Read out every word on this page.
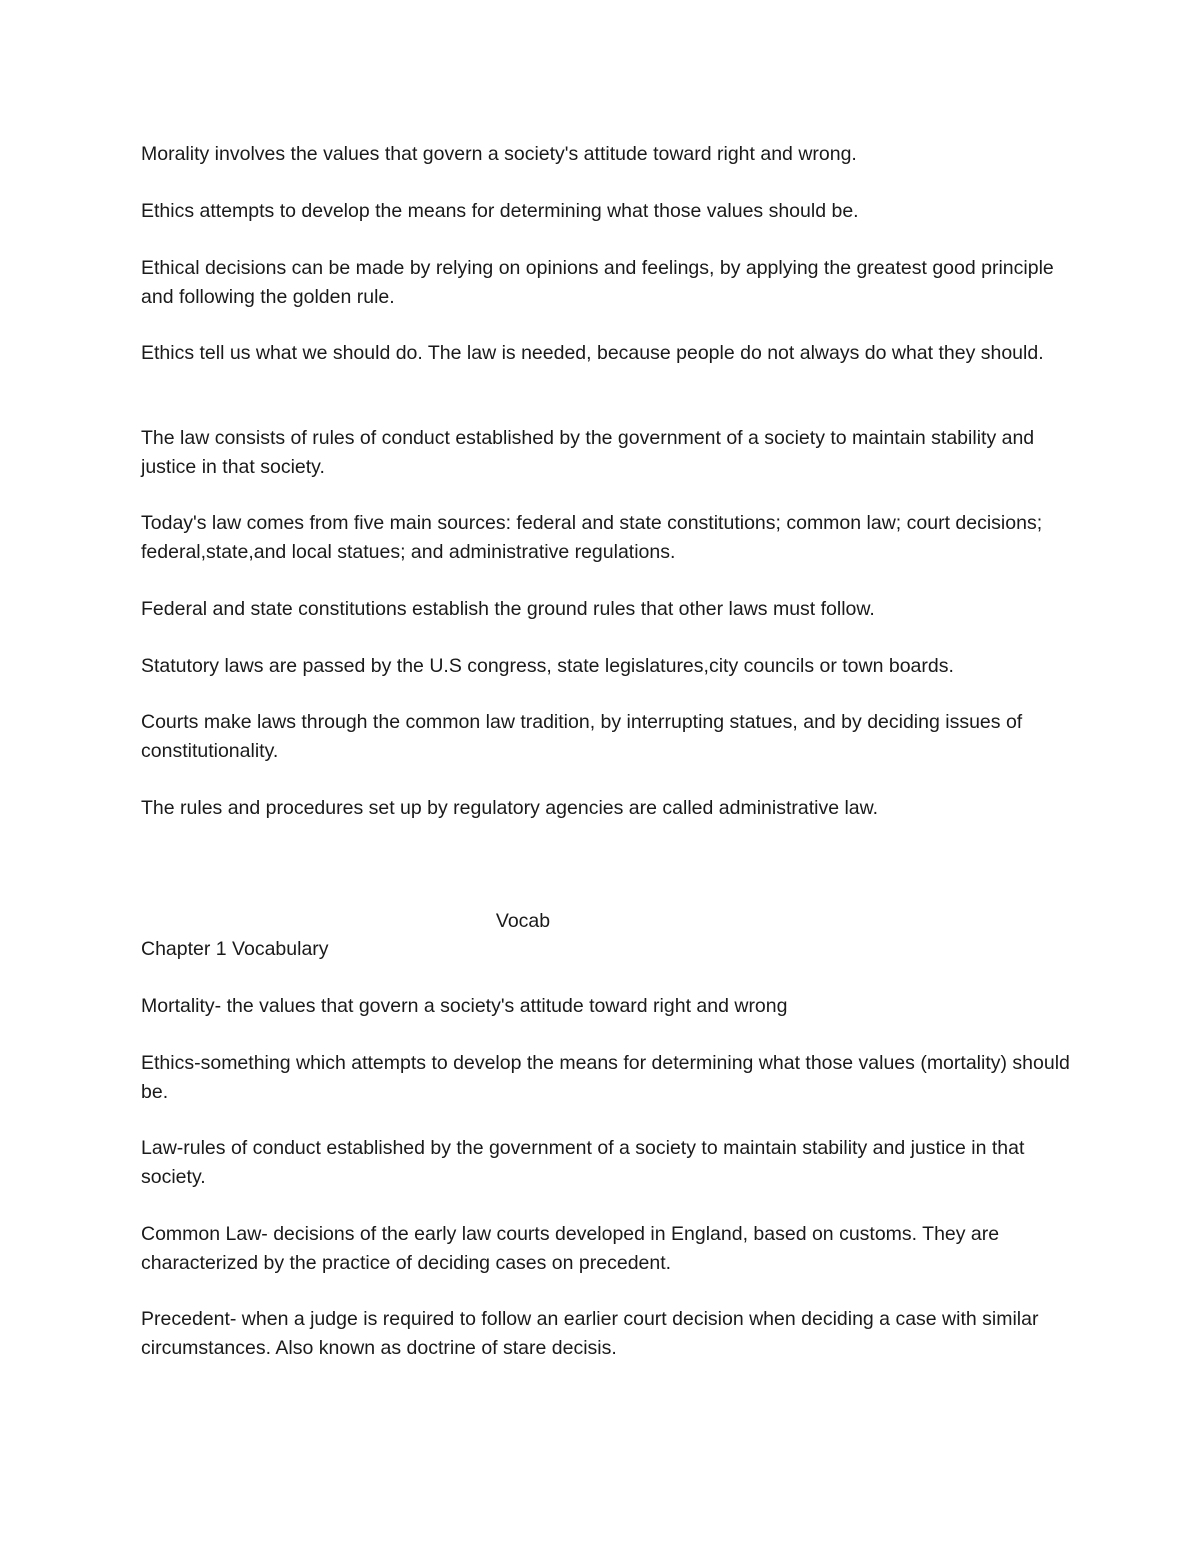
Morality involves the values that govern a society's attitude toward right and wrong.

Ethics attempts to develop the means for determining what those values should be.

Ethical decisions can be made by relying on opinions and feelings, by applying the greatest good principle and following the golden rule.

Ethics tell us what we should do. The law is needed, because people do not always do what they should.

The law consists of rules of conduct established by the government of a society to maintain stability and justice in that society.

Today's law comes from five main sources: federal and state constitutions; common law; court decisions; federal,state,and local statues; and administrative regulations.

Federal and state constitutions establish the ground rules that other laws must follow.

Statutory laws are passed by the U.S congress, state legislatures,city councils or town boards.

Courts make laws through the common law tradition, by interrupting statues, and by deciding issues of constitutionality.

The rules and procedures set up by regulatory agencies are called administrative law.

Vocab

Chapter 1 Vocabulary

Mortality- the values that govern a society's attitude toward right and wrong

Ethics-something which attempts to develop the means for determining what those values (mortality) should be.

Law-rules of conduct established by the government of a society to maintain stability and justice in that society.

Common Law- decisions of the early law courts developed in England, based on customs. They are characterized by the practice of deciding cases on precedent.

Precedent- when a judge is required to follow an earlier court decision when deciding a case with similar circumstances. Also known as doctrine of stare decisis.
